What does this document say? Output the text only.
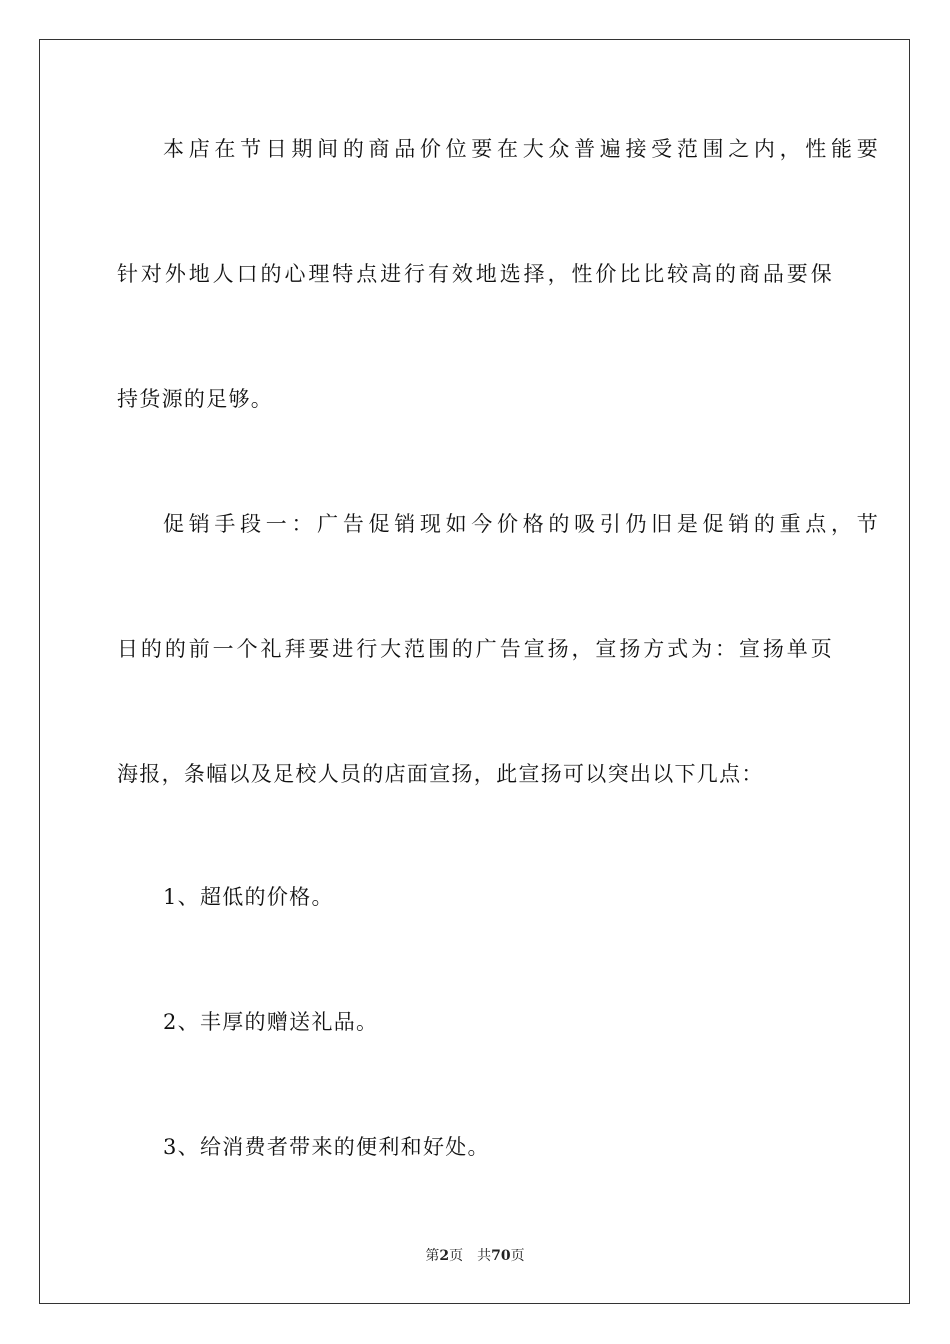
本店在节日期间的商品价位要在大众普遍接受范围之内，性能要
针对外地人口的心理特点进行有效地选择，性价比比较高的商品要保
持货源的足够。
促销手段一：广告促销现如今价格的吸引仍旧是促销的重点，节
日的的前一个礼拜要进行大范围的广告宣扬，宣扬方式为：宣扬单页
海报，条幅以及足校人员的店面宣扬，此宣扬可以突出以下几点：
1、超低的价格。
2、丰厚的赠送礼品。
3、给消费者带来的便利和好处。
第2页 共70页
